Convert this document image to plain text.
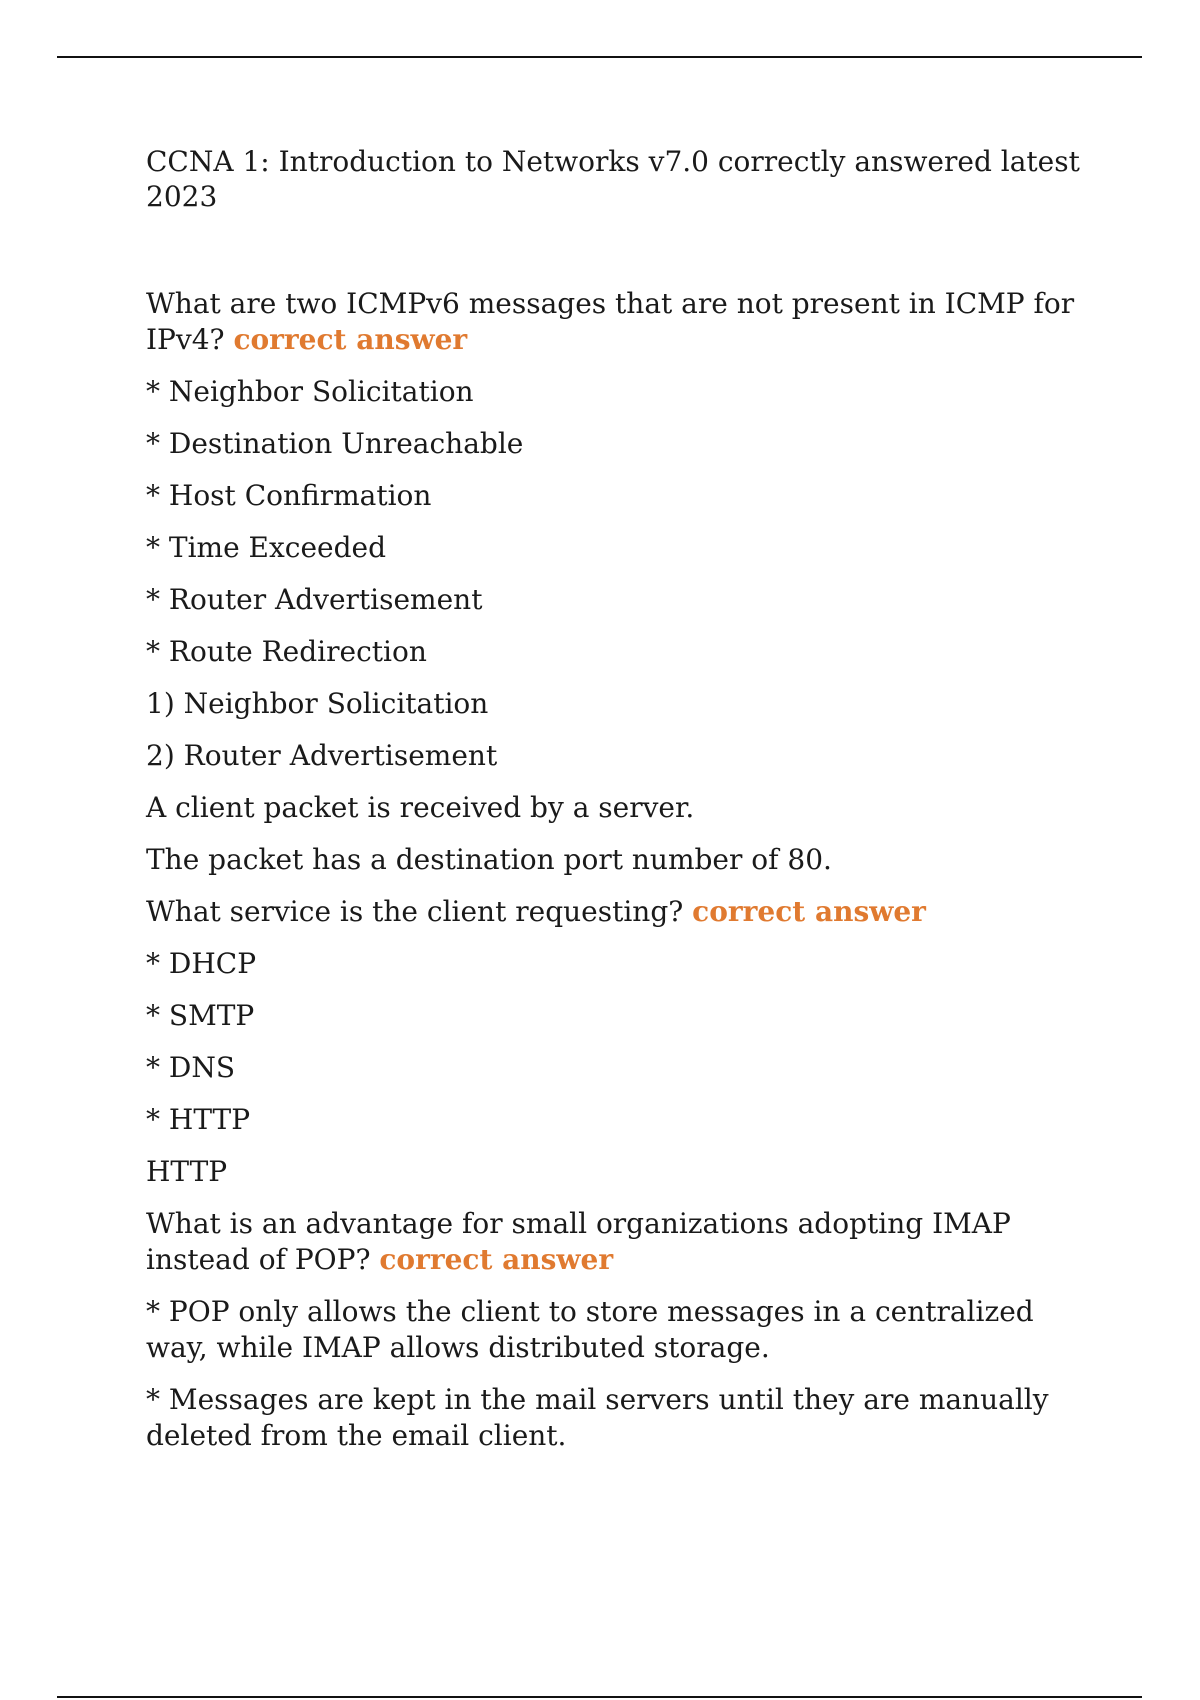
CCNA 1: Introduction to Networks v7.0 correctly answered latest 2023

What are two ICMPv6 messages that are not present in ICMP for IPv4? correct answer

* Neighbor Solicitation

* Destination Unreachable

* Host Confirmation

* Time Exceeded

* Router Advertisement

* Route Redirection

1) Neighbor Solicitation

2) Router Advertisement

A client packet is received by a server.

The packet has a destination port number of 80.

What service is the client requesting? correct answer

* DHCP

* SMTP

* DNS

* HTTP

HTTP

What is an advantage for small organizations adopting IMAP instead of POP? correct answer

* POP only allows the client to store messages in a centralized way, while IMAP allows distributed storage.

* Messages are kept in the mail servers until they are manually deleted from the email client.
